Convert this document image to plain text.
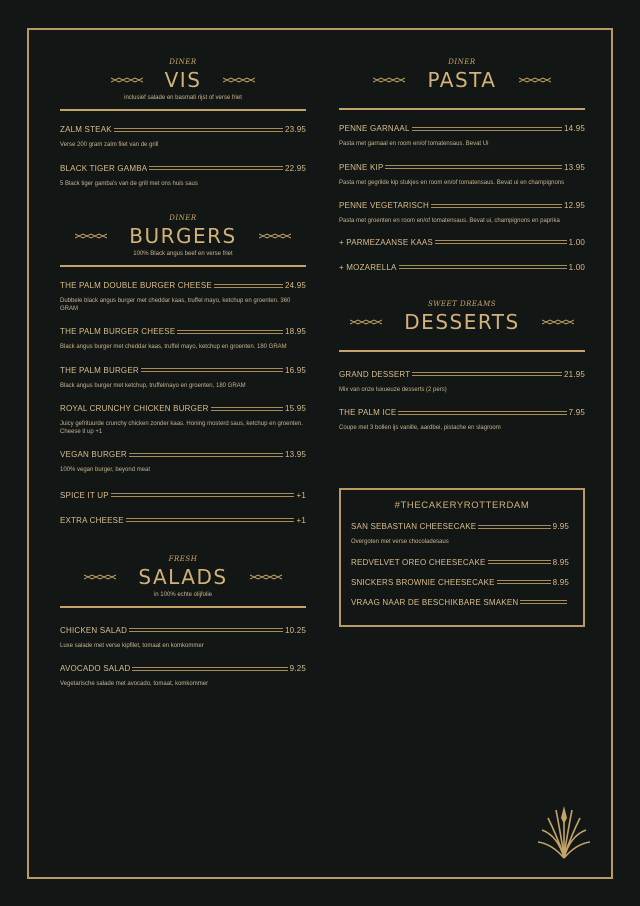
DINER
VIS
inclusief salade en basmati rijst of verse friet
ZALM STEAK	23.95
Verse 200 gram zalm filet van de grill
BLACK TIGER GAMBA	22.95
5 Black tiger gamba's van de grill met ons huis saus
DINER
BURGERS
100% Black angus beef en verse friet
THE PALM DOUBLE BURGER CHEESE	24.95
Dubbele black angus burger met cheddar kaas, truffel mayo, ketchup en groenten. 360 GRAM
THE PALM BURGER CHEESE	18.95
Black angus burger met cheddar kaas, truffel mayo, ketchup en groenten. 180 GRAM
THE PALM BURGER	16.95
Black angus burger met ketchup, truffelmayo en groenten, 180 GRAM
ROYAL CRUNCHY CHICKEN BURGER	15.95
Juicy gefrituurde crunchy chicken zonder kaas. Honing mosterd saus, ketchup en groenten. Cheese it up +1
VEGAN BURGER	13.95
100% vegan burger, beyond meat
SPICE IT UP	+1
EXTRA CHEESE	+1
FRESH
SALADS
in 100% echte olijfolie
CHICKEN SALAD	10.25
Luxe salade met verse kipfilet, tomaat en komkommer
AVOCADO SALAD	9.25
Vegetarische salade met avocado, tomaat, komkommer
DINER
PASTA
PENNE GARNAAL	14.95
Pasta met garnaal en room en/of tomatensaus. Bevat Ui
PENNE KIP	13.95
Pasta met gegrilde kip stukjes en room en/of tomatensaus. Bevat ui en champignons
PENNE VEGETARISCH	12.95
Pasta met groenten en room en/of tomatensaus. Bevat ui, champignons en paprika
+ PARMEZAANSE KAAS	1.00
+ MOZARELLA	1.00
SWEET DREAMS
DESSERTS
GRAND DESSERT	21.95
Mix van onze luxueuze desserts (2 pers)
THE PALM ICE	7.95
Coupe met 3 bollen ijs vanille, aardbei, pistache en slagroom
#THECAKERYROTTERDAM
SAN SEBASTIAN CHEESECAKE	9.95
Overgoten met verse chocoladesaus
REDVELVET OREO CHEESECAKE	8.95
SNICKERS BROWNIE CHEESECAKE	8.95
VRAAG NAAR DE BESCHIKBARE SMAKEN
